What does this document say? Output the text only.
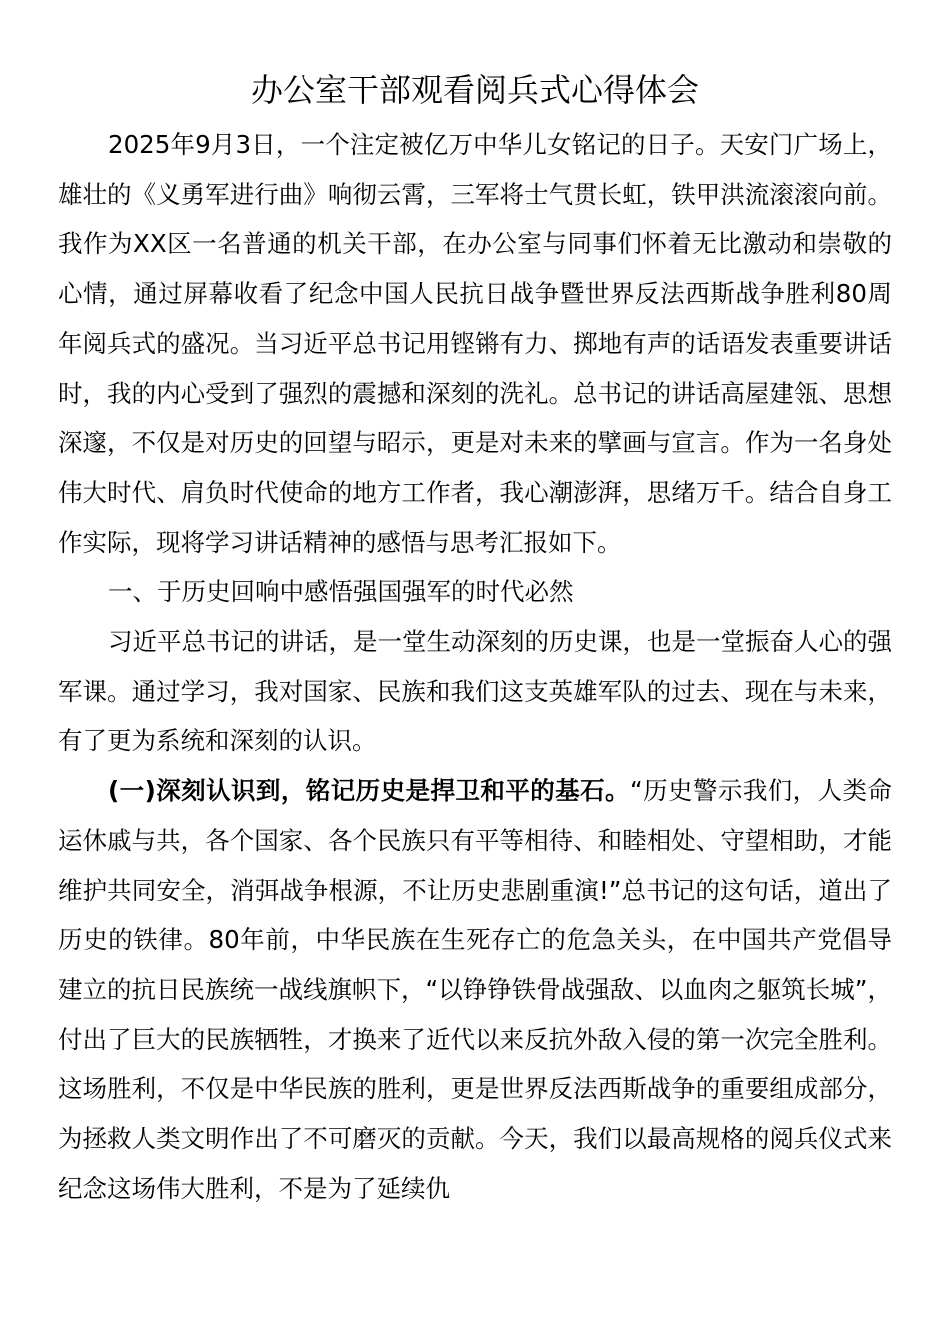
办公室干部观看阅兵式心得体会

2025年9月3日，一个注定被亿万中华儿女铭记的日子。天安门广场上，雄壮的《义勇军进行曲》响彻云霄，三军将士气贯长虹，铁甲洪流滚滚向前。我作为XX区一名普通的机关干部，在办公室与同事们怀着无比激动和崇敬的心情，通过屏幕收看了纪念中国人民抗日战争暨世界反法西斯战争胜利80周年阅兵式的盛况。当习近平总书记用铿锵有力、掷地有声的话语发表重要讲话时，我的内心受到了强烈的震撼和深刻的洗礼。总书记的讲话高屋建瓴、思想深邃，不仅是对历史的回望与昭示，更是对未来的擘画与宣言。作为一名身处伟大时代、肩负时代使命的地方工作者，我心潮澎湃，思绪万千。结合自身工作实际，现将学习讲话精神的感悟与思考汇报如下。

一、于历史回响中感悟强国强军的时代必然

习近平总书记的讲话，是一堂生动深刻的历史课，也是一堂振奋人心的强军课。通过学习，我对国家、民族和我们这支英雄军队的过去、现在与未来，有了更为系统和深刻的认识。

(一)深刻认识到，铭记历史是捍卫和平的基石。“历史警示我们，人类命运休戚与共，各个国家、各个民族只有平等相待、和睦相处、守望相助，才能维护共同安全，消弭战争根源，不让历史悲剧重演!”总书记的这句话，道出了历史的铁律。80年前，中华民族在生死存亡的危急关头，在中国共产党倡导建立的抗日民族统一战线旗帜下，“以铮铮铁骨战强敌、以血肉之躯筑长城”，付出了巨大的民族牺牲，才换来了近代以来反抗外敌入侵的第一次完全胜利。这场胜利，不仅是中华民族的胜利，更是世界反法西斯战争的重要组成部分，为拯救人类文明作出了不可磨灭的贡献。今天，我们以最高规格的阅兵仪式来纪念这场伟大胜利，不是为了延续仇
